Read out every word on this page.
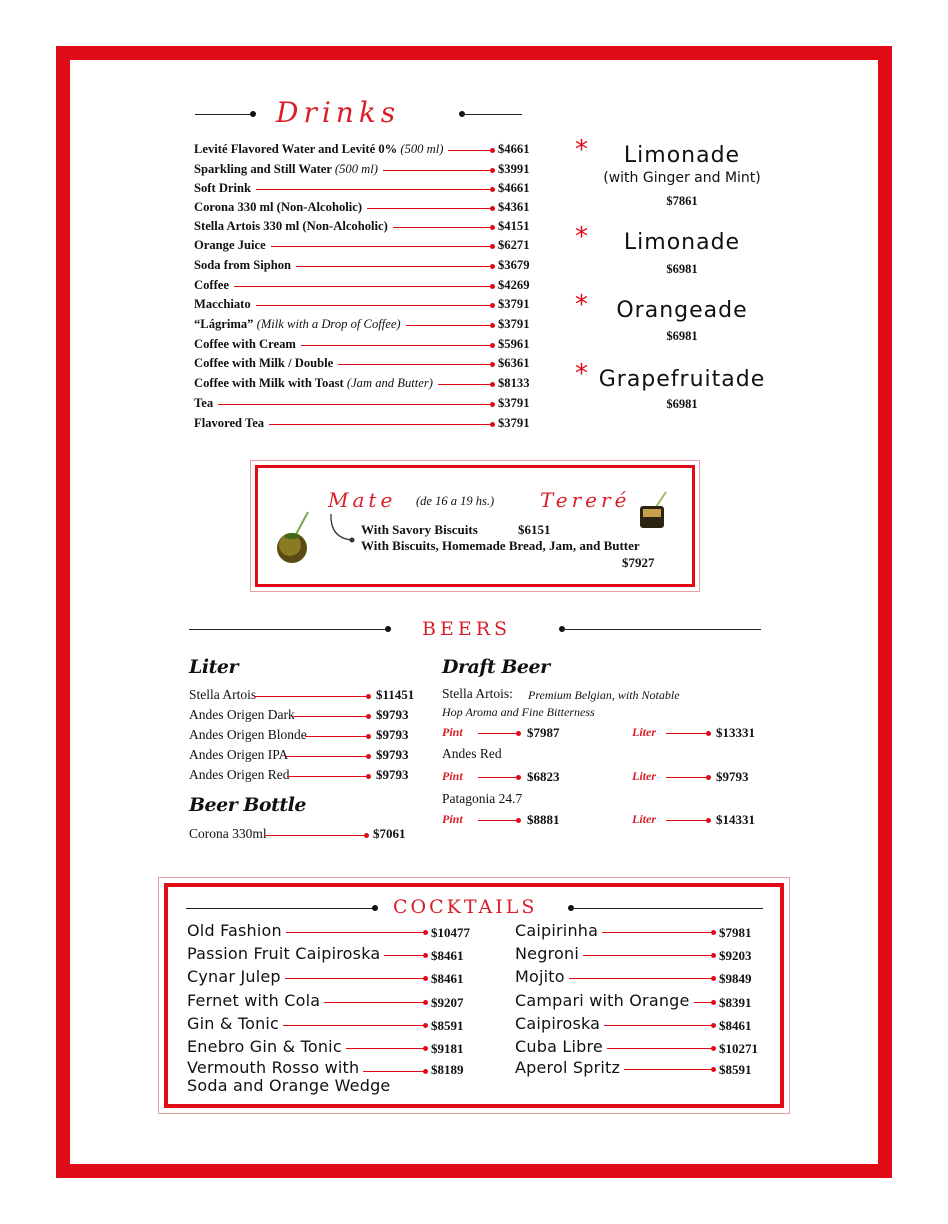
Drinks
Mate (de 16 a 19 hs.) Tereré
With Savory Biscuits	$6151
With Biscuits, Homemade Bread, Jam, and Butter
$7927
BEERS
Liter
Beer Bottle
Draft Beer
COCKTAILS
Levité Flavored Water and Levité 0% (500 ml)	$4661
Sparkling and Still Water (500 ml)	$3991
Soft Drink	$4661
Corona 330 ml (Non-Alcoholic)	$4361
Stella Artois 330 ml (Non-Alcoholic)	$4151
Orange Juice	$6271
Soda from Siphon	$3679
Coffee	$4269
Macchiato	$3791
“Lágrima” (Milk with a Drop of Coffee)	$3791
Coffee with Cream	$5961
Coffee with Milk / Double	$6361
Coffee with Milk with Toast (Jam and Butter)	$8133
Tea	$3791
Flavored Tea	$3791
*	Limonade
(with Ginger and Mint)
$7861
*	Limonade
$6981
*	Orangeade
$6981
* Grapefruitade
$6981
Stella Artois	$11451
Andes Origen Dark	$9793
Andes Origen Blonde	$9793
Andes Origen IPA	$9793
Andes Origen Red	$9793
Corona 330ml	$7061
Stella Artois: Premium Belgian, with Notable
Hop Aroma and Fine Bitterness
Pint	$7987	Liter	$13331
Andes Red
Pint	$6823	Liter	$9793
Patagonia 24.7
Pint	$8881	Liter	$14331
Old Fashion	$10477
Passion Fruit Caipiroska	$8461
Cynar Julep	$8461
Fernet with Cola	$9207
Gin & Tonic	$8591
Enebro Gin & Tonic	$9181
Vermouth Rosso with
Soda and Orange Wedge
$8189
Caipirinha	$7981
Negroni	$9203
Mojito	$9849
Campari with Orange $8391
Caipiroska	$8461
Cuba Libre	$10271
Aperol Spritz	$8591
